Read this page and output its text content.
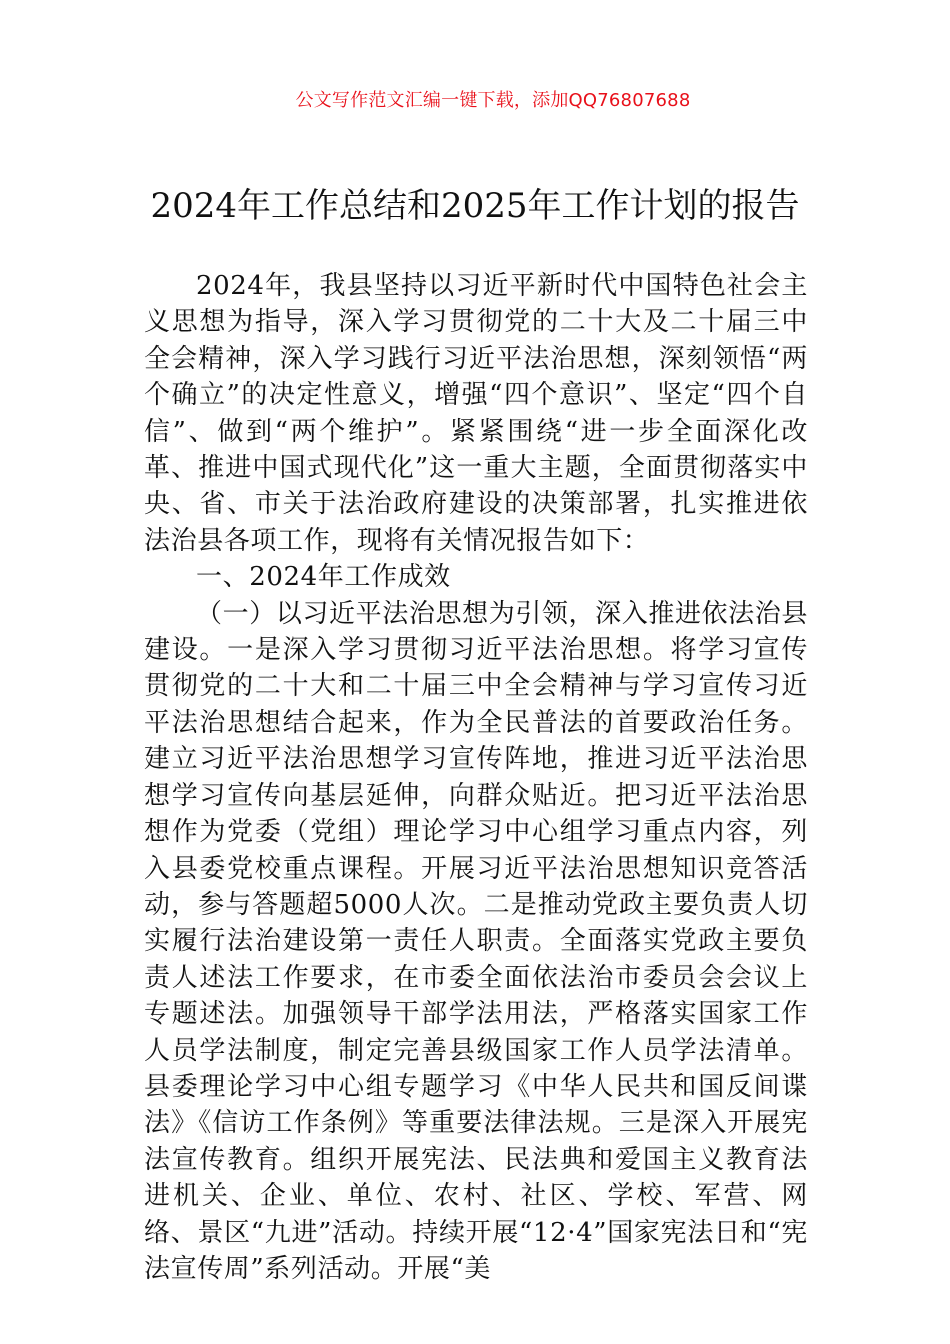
公文写作范文汇编一键下载，添加QQ76807688
2024年工作总结和2025年工作计划的报告

2024年，我县坚持以习近平新时代中国特色社会主义思想为指导，深入学习贯彻党的二十大及二十届三中全会精神，深入学习践行习近平法治思想，深刻领悟“两个确立”的决定性意义，增强“四个意识”、坚定“四个自信”、做到“两个维护”。紧紧围绕“进一步全面深化改革、推进中国式现代化”这一重大主题，全面贯彻落实中央、省、市关于法治政府建设的决策部署，扎实推进依法治县各项工作，现将有关情况报告如下：

一、2024年工作成效

（一）以习近平法治思想为引领，深入推进依法治县建设。一是深入学习贯彻习近平法治思想。将学习宣传贯彻党的二十大和二十届三中全会精神与学习宣传习近平法治思想结合起来，作为全民普法的首要政治任务。建立习近平法治思想学习宣传阵地，推进习近平法治思想学习宣传向基层延伸，向群众贴近。把习近平法治思想作为党委（党组）理论学习中心组学习重点内容，列入县委党校重点课程。开展习近平法治思想知识竞答活动，参与答题超5000人次。二是推动党政主要负责人切实履行法治建设第一责任人职责。全面落实党政主要负责人述法工作要求，在市委全面依法治市委员会会议上专题述法。加强领导干部学法用法，严格落实国家工作人员学法制度，制定完善县级国家工作人员学法清单。县委理论学习中心组专题学习《中华人民共和国反间谍法》《信访工作条例》等重要法律法规。三是深入开展宪法宣传教育。组织开展宪法、民法典和爱国主义教育法进机关、企业、单位、农村、社区、学校、军营、网络、景区“九进”活动。持续开展“12·4”国家宪法日和“宪法宣传周”系列活动。开展“美
